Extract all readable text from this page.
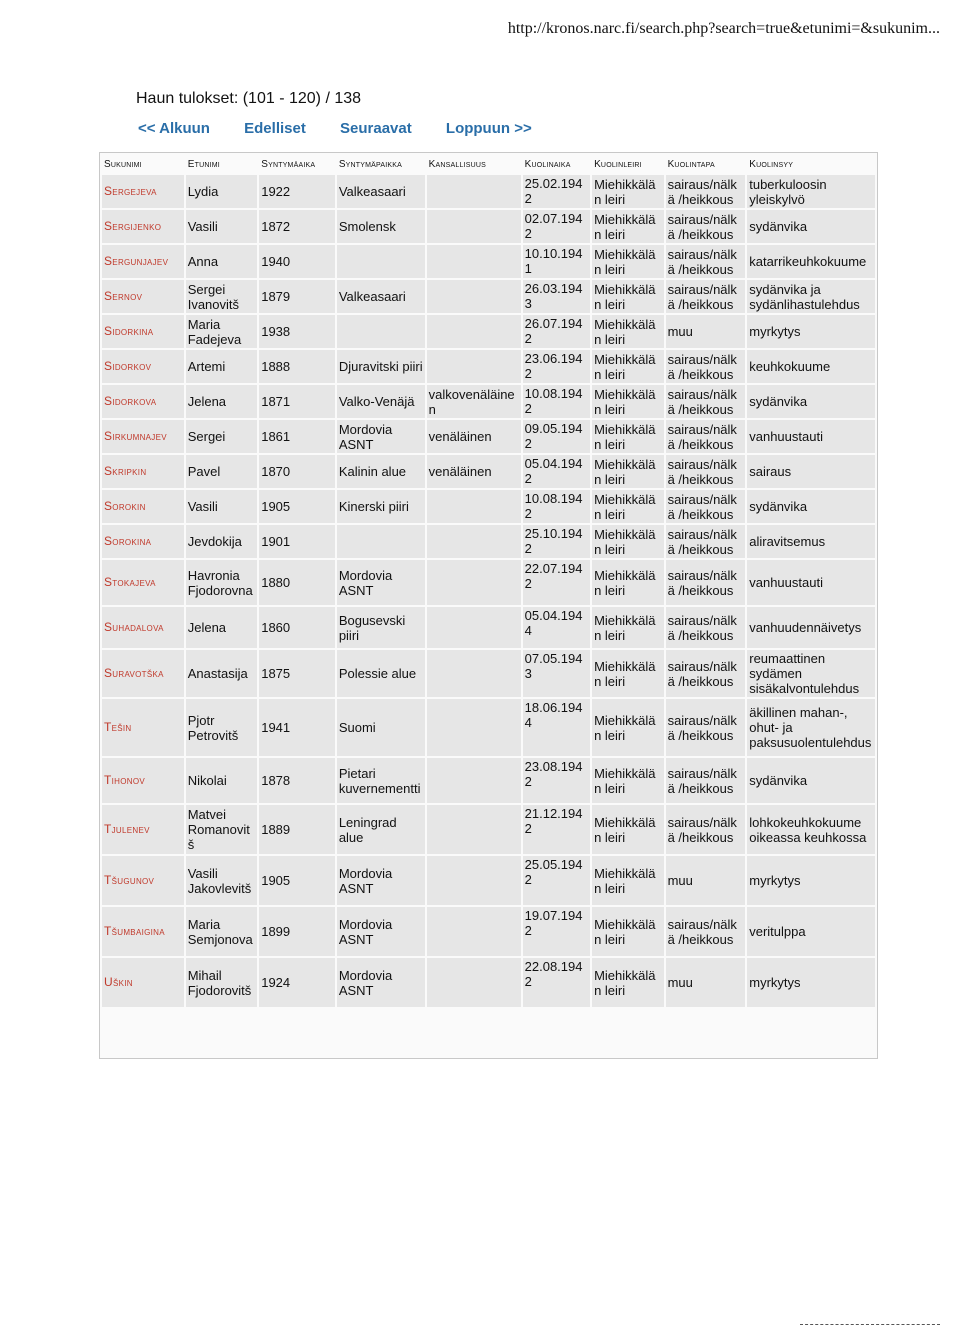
http://kronos.narc.fi/search.php?search=true&etunimi=&sukunim...
Haun tulokset: (101 - 120) / 138
<< Alkuun Edelliset Seuraavat Loppuun >>
Sukunimi	Etunimi	Syntymäaika	Syntymäpaikka	Kansallisuus	Kuolinaika	Kuolinleiri	Kuolintapa	Kuolinsyy
Sergejeva	Lydia	1922	Valkeasaari		25.02.1942	Miehikkälän leiri	sairaus/nälkä /heikkous	tuberkuloosin yleiskylvö
Sergijenko	Vasili	1872	Smolensk		02.07.1942	Miehikkälän leiri	sairaus/nälkä /heikkous	sydänvika
Sergunjajev	Anna	1940			10.10.1941	Miehikkälän leiri	sairaus/nälkä /heikkous	katarrikeuhkokuume
Sernov	Sergei Ivanovitš	1879	Valkeasaari		26.03.1943	Miehikkälän leiri	sairaus/nälkä /heikkous	sydänvika ja sydänlihastulehdus
Sidorkina	Maria Fadejeva	1938			26.07.1942	Miehikkälän leiri	muu	myrkytys
Sidorkov	Artemi	1888	Djuravitski piiri		23.06.1942	Miehikkälän leiri	sairaus/nälkä /heikkous	keuhkokuume
Sidorkova	Jelena	1871	Valko-Venäjä	valkovenäläinen	10.08.1942	Miehikkälän leiri	sairaus/nälkä /heikkous	sydänvika
Sirkumnajev	Sergei	1861	Mordovia ASNT	venäläinen	09.05.1942	Miehikkälän leiri	sairaus/nälkä /heikkous	vanhuustauti
Skripkin	Pavel	1870	Kalinin alue	venäläinen	05.04.1942	Miehikkälän leiri	sairaus/nälkä /heikkous	sairaus
Sorokin	Vasili	1905	Kinerski piiri		10.08.1942	Miehikkälän leiri	sairaus/nälkä /heikkous	sydänvika
Sorokina	Jevdokija	1901			25.10.1942	Miehikkälän leiri	sairaus/nälkä /heikkous	aliravitsemus
Stokajeva	Havronia Fjodorovna	1880	Mordovia ASNT		22.07.1942	Miehikkälän leiri	sairaus/nälkä /heikkous	vanhuustauti
Suhadalova	Jelena	1860	Bogusevski piiri		05.04.1944	Miehikkälän leiri	sairaus/nälkä /heikkous	vanhuudennäivetys
Suravotška	Anastasija	1875	Polessie alue		07.05.1943	Miehikkälän leiri	sairaus/nälkä /heikkous	reumaattinen sydämen sisäkalvontulehdus
Tešin	Pjotr Petrovitš	1941	Suomi		18.06.1944	Miehikkälän leiri	sairaus/nälkä /heikkous	äkillinen mahan-, ohut- ja paksusuolentulehdus
Tihonov	Nikolai	1878	Pietari kuvernementti		23.08.1942	Miehikkälän leiri	sairaus/nälkä /heikkous	sydänvika
Tjulenev	Matvei Romanovitš	1889	Leningrad alue		21.12.1942	Miehikkälän leiri	sairaus/nälkä /heikkous	lohkokeuhkokuume oikeassa keuhkossa
Tšugunov	Vasili Jakovlevitš	1905	Mordovia ASNT		25.05.1942	Miehikkälän leiri	muu	myrkytys
Tšumbaigina	Maria Semjonova	1899	Mordovia ASNT		19.07.1942	Miehikkälän leiri	sairaus/nälkä /heikkous	veritulppa
Uškin	Mihail Fjodorovitš	1924	Mordovia ASNT		22.08.1942	Miehikkälän leiri	muu	myrkytys
